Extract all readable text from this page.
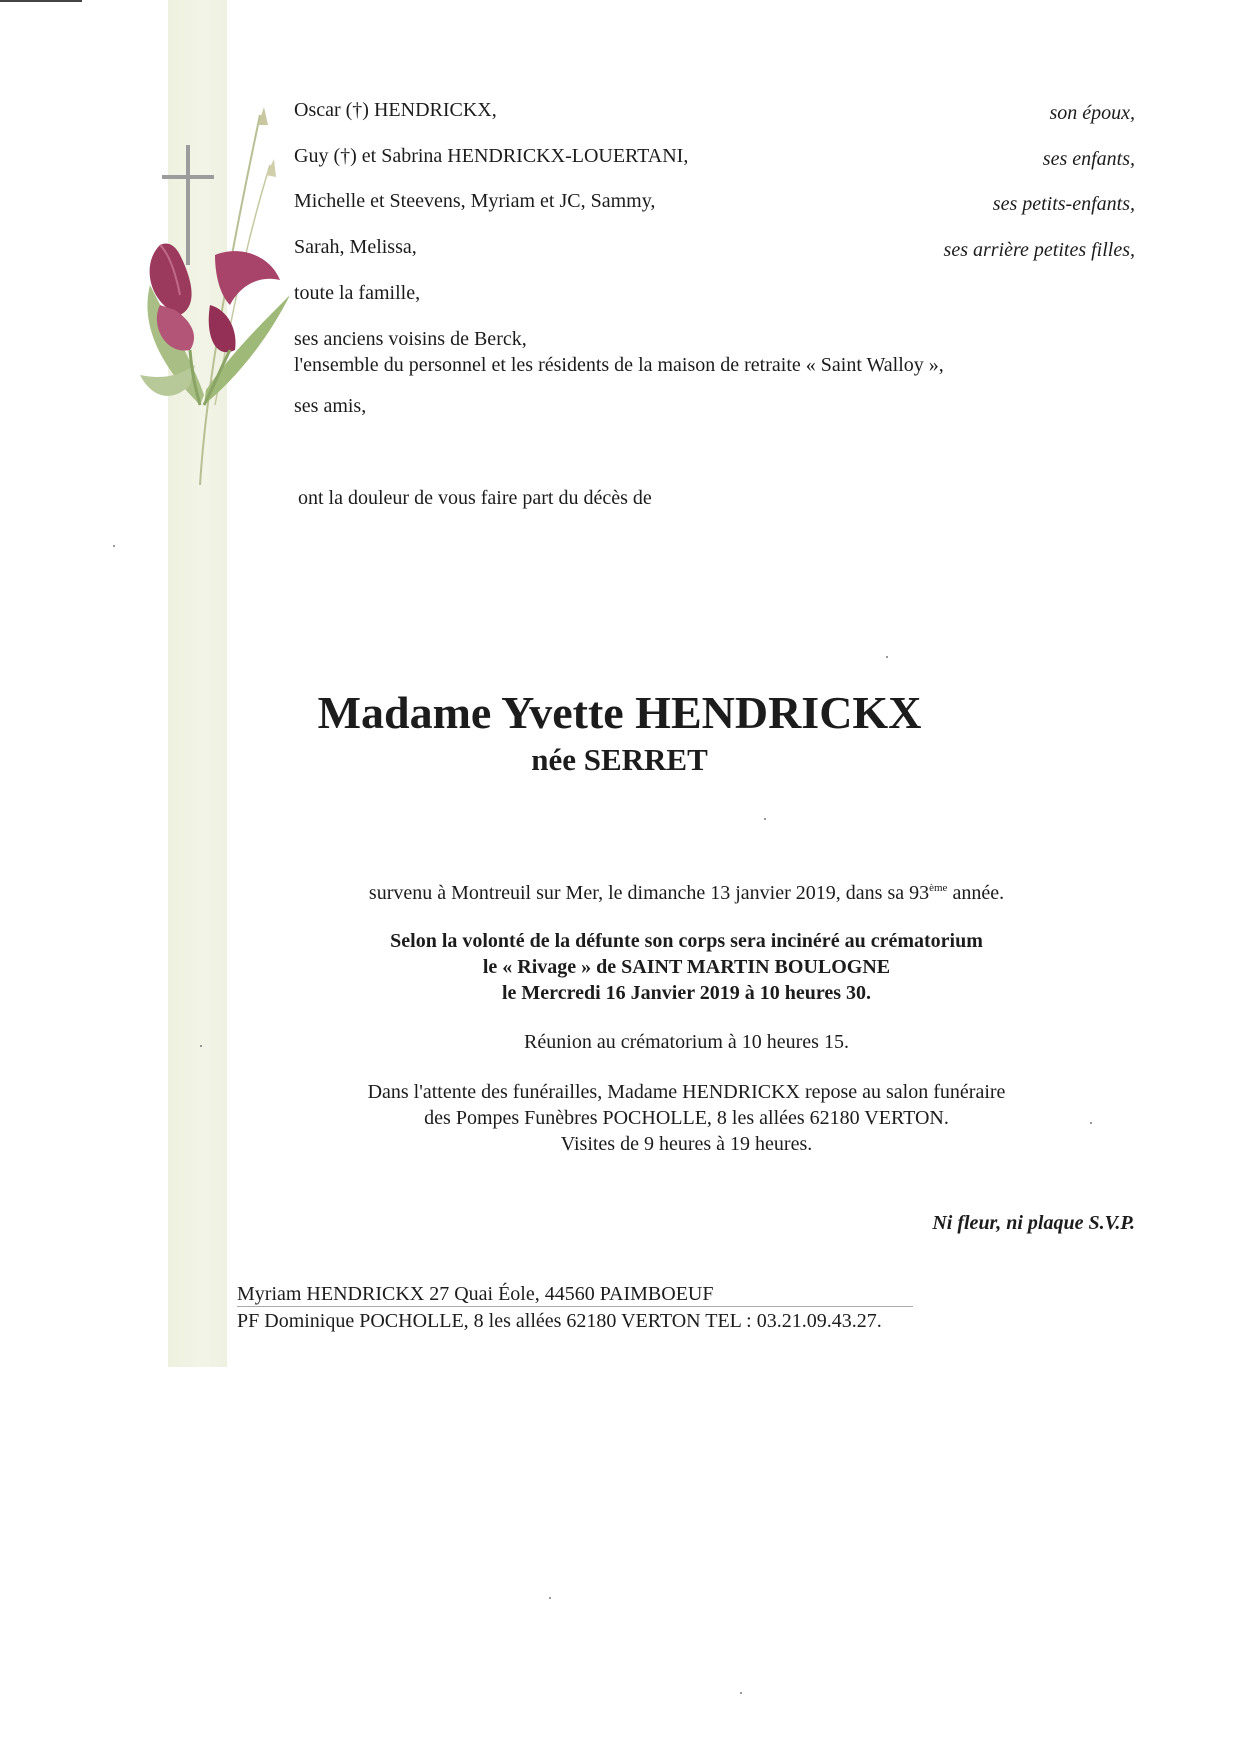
Oscar (†) HENDRICKX,	son époux,
Guy (†) et Sabrina HENDRICKX-LOUERTANI,	ses enfants,
Michelle et Steevens, Myriam et JC, Sammy,	ses petits-enfants,
Sarah, Melissa,	ses arrière petites filles,
toute la famille,
ses anciens voisins de Berck,
l'ensemble du personnel et les résidents de la maison de retraite « Saint Walloy »,
ses amis,
ont la douleur de vous faire part du décès de
Madame Yvette HENDRICKX
née SERRET
survenu à Montreuil sur Mer, le dimanche 13 janvier 2019, dans sa 93ème année.
Selon la volonté de la défunte son corps sera incinéré au crématorium
le « Rivage » de SAINT MARTIN BOULOGNE
le Mercredi 16 Janvier 2019 à 10 heures 30.
Réunion au crématorium à 10 heures 15.
Dans l'attente des funérailles, Madame HENDRICKX repose au salon funéraire
des Pompes Funèbres POCHOLLE, 8 les allées 62180 VERTON.
Visites de 9 heures à 19 heures.
Ni fleur, ni plaque S.V.P.
Myriam HENDRICKX 27 Quai Éole, 44560 PAIMBOEUF
PF Dominique POCHOLLE, 8 les allées 62180 VERTON TEL : 03.21.09.43.27.
